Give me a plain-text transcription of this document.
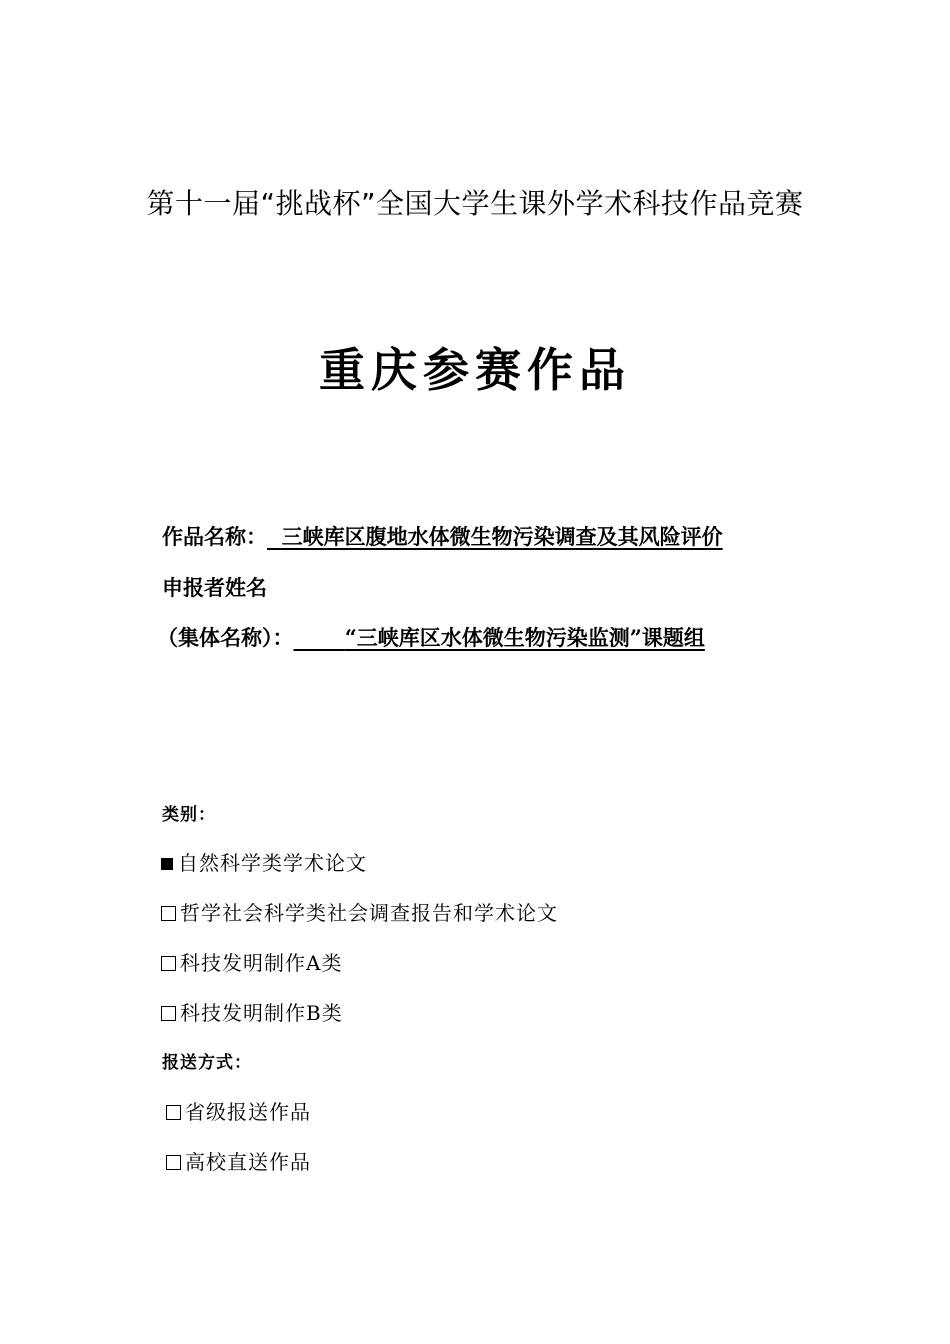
第十一届“挑战杯”全国大学生课外学术科技作品竞赛
重庆参赛作品
作品名称： 三峡库区腹地水体微生物污染调查及其风险评价
申报者姓名
（集体名称）： “三峡库区水体微生物污染监测”课题组
类别：
自然科学类学术论文
哲学社会科学类社会调查报告和学术论文
科技发明制作A类
科技发明制作B类
报送方式：
省级报送作品
高校直送作品
